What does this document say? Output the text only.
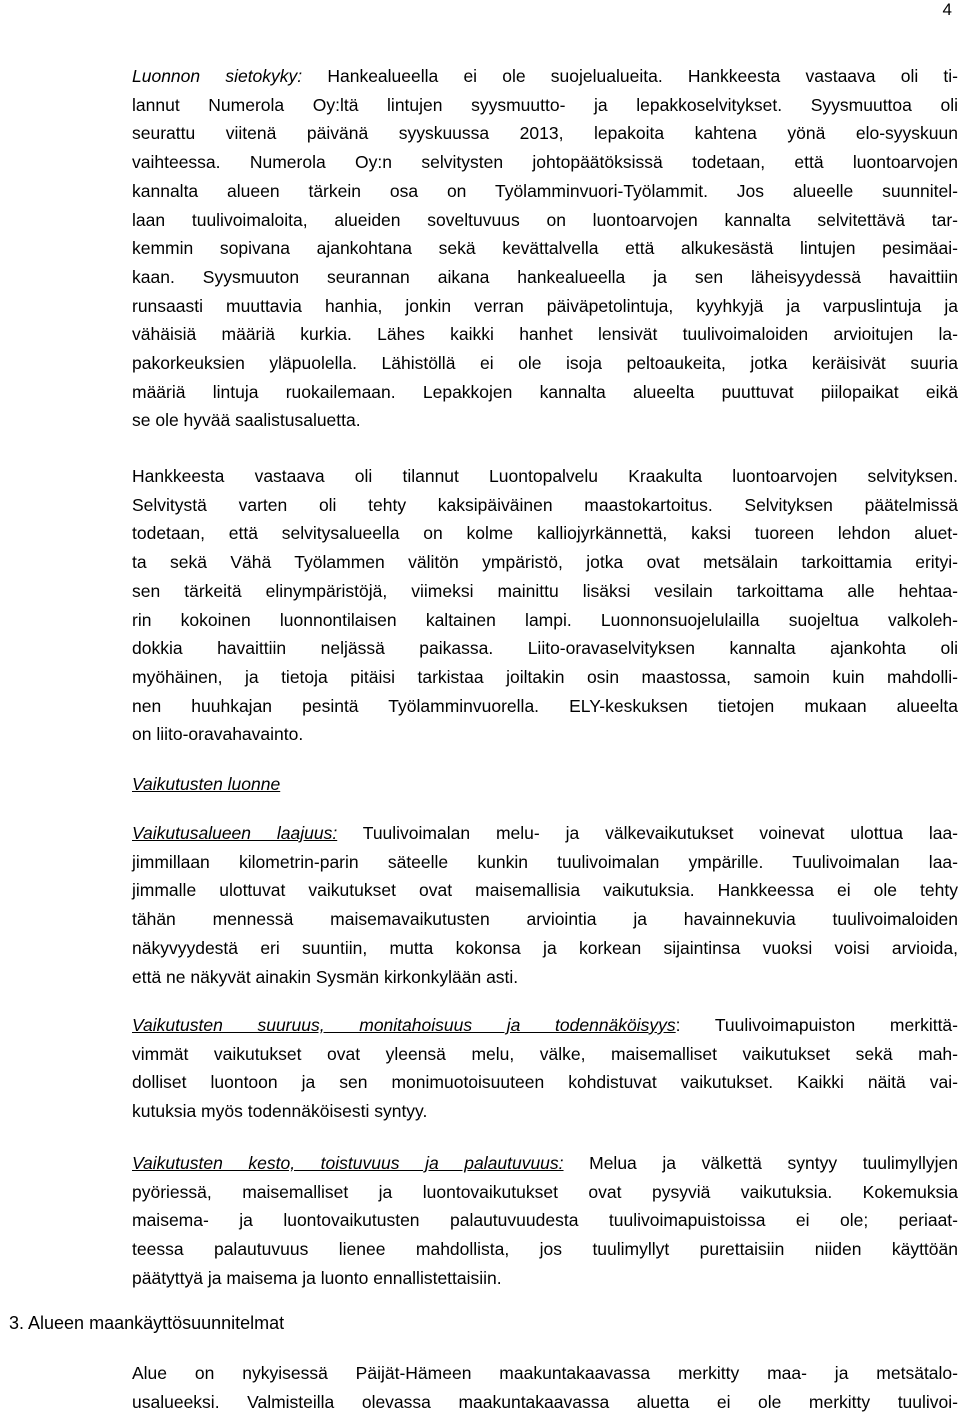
4
Luonnon sietokyky: Hankealueella ei ole suojelualueita. Hankkeesta vastaava oli ti-
lannut Numerola Oy:ltä lintujen syysmuutto- ja lepakkoselvitykset. Syysmuuttoa oli
seurattu viitenä päivänä syyskuussa 2013, lepakoita kahtena yönä elo-syyskuun
vaihteessa. Numerola Oy:n selvitysten johtopäätöksissä todetaan, että luontoarvojen
kannalta alueen tärkein osa on Työlamminvuori-Työlammit. Jos alueelle suunnitel-
laan tuulivoimaloita, alueiden soveltuvuus on luontoarvojen kannalta selvitettävä tar-
kemmin sopivana ajankohtana sekä kevättalvella että alkukesästä lintujen pesimäai-
kaan. Syysmuuton seurannan aikana hankealueella ja sen läheisyydessä havaittiin
runsaasti muuttavia hanhia, jonkin verran päiväpetolintuja, kyyhkyjä ja varpuslintuja ja
vähäisiä määriä kurkia. Lähes kaikki hanhet lensivät tuulivoimaloiden arvioitujen la-
pakorkeuksien yläpuolella. Lähistöllä ei ole isoja peltoaukeita, jotka keräisivät suuria
määriä lintuja ruokailemaan. Lepakkojen kannalta alueelta puuttuvat piilopaikat eikä
se ole hyvää saalistusaluetta.
Hankkeesta vastaava oli tilannut Luontopalvelu Kraakulta luontoarvojen selvityksen.
Selvitystä varten oli tehty kaksipäiväinen maastokartoitus. Selvityksen päätelmissä
todetaan, että selvitysalueella on kolme kalliojyrkännettä, kaksi tuoreen lehdon aluet-
ta sekä Vähä Työlammen välitön ympäristö, jotka ovat metsälain tarkoittamia erityi-
sen tärkeitä elinympäristöjä, viimeksi mainittu lisäksi vesilain tarkoittama alle hehtaa-
rin kokoinen luonnontilaisen kaltainen lampi. Luonnonsuojelulailla suojeltua valkoleh-
dokkia havaittiin neljässä paikassa. Liito-oravaselvityksen kannalta ajankohta oli
myöhäinen, ja tietoja pitäisi tarkistaa joiltakin osin maastossa, samoin kuin mahdolli-
nen huuhkajan pesintä Työlamminvuorella. ELY-keskuksen tietojen mukaan alueelta
on liito-oravahavainto.
Vaikutusten luonne
Vaikutusalueen laajuus: Tuulivoimalan melu- ja välkevaikutukset voinevat ulottua laa-
jimmillaan kilometrin-parin säteelle kunkin tuulivoimalan ympärille. Tuulivoimalan laa-
jimmalle ulottuvat vaikutukset ovat maisemallisia vaikutuksia. Hankkeessa ei ole tehty
tähän mennessä maisemavaikutusten arviointia ja havainnekuvia tuulivoimaloiden
näkyvyydestä eri suuntiin, mutta kokonsa ja korkean sijaintinsa vuoksi voisi arvioida,
että ne näkyvät ainakin Sysmän kirkonkylään asti.
Vaikutusten suuruus, monitahoisuus ja todennäköisyys: Tuulivoimapuiston merkittä-
vimmät vaikutukset ovat yleensä melu, välke, maisemalliset vaikutukset sekä mah-
dolliset luontoon ja sen monimuotoisuuteen kohdistuvat vaikutukset. Kaikki näitä vai-
kutuksia myös todennäköisesti syntyy.
Vaikutusten kesto, toistuvuus ja palautuvuus: Melua ja välkettä syntyy tuulimyllyjen
pyöriessä, maisemalliset ja luontovaikutukset ovat pysyviä vaikutuksia. Kokemuksia
maisema- ja luontovaikutusten palautuvuudesta tuulivoimapuistoissa ei ole; periaat-
teessa palautuvuus lienee mahdollista, jos tuulimyllyt purettaisiin niiden käyttöän
päätyttyä ja maisema ja luonto ennallistettaisiin.
3. Alueen maankäyttösuunnitelmat
Alue on nykyisessä Päijät-Hämeen maakuntakaavassa merkitty maa- ja metsätalo-
usalueeksi. Valmisteilla olevassa maakuntakaavassa aluetta ei ole merkitty tuulivoi-
